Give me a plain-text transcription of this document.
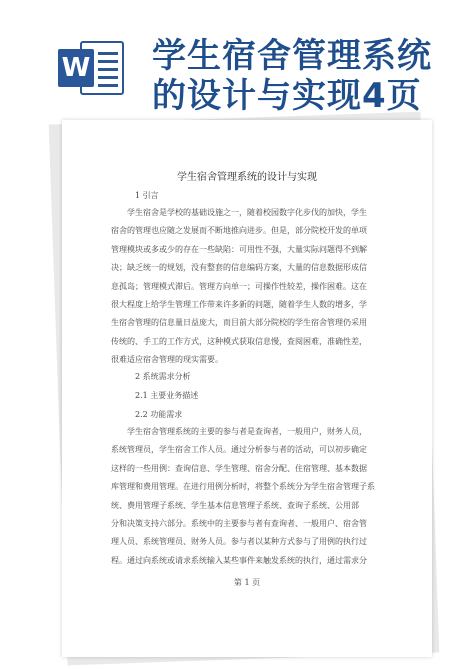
W 学生宿舍管理系统
的设计与实现4页
学生宿舍管理系统的设计与实现
1 引言
学生宿舍是学校的基础设施之一，随着校园数字化步伐的加快，学生
宿舍的管理也应随之发展而不断地推向进步。但是，部分院校开发的单项
管理模块或多或少的存在一些缺陷：可用性不强，大量实际问题得不到解
决；缺乏统一的规划，没有整套的信息编码方案，大量的信息数据形成信
息孤岛；管理模式滞后。管理方向单一；可操作性较差，操作困难。这在
很大程度上给学生管理工作带来许多新的问题，随着学生人数的增多，学
生宿舍管理的信息量日益庞大，而目前大部分院校的学生宿舍管理仍采用
传统的、手工的工作方式，这种模式获取信息慢，查阅困难，准确性差，
很难适应宿舍管理的现实需要。
2 系统需求分析
2.1 主要业务描述
2.2 功能需求
学生宿舍管理系统的主要的参与者是查询者，一般用户，财务人员，
系统管理员，学生宿舍工作人员。通过分析参与者的活动，可以初步确定
这样的一些用例：查询信息、学生管理、宿舍分配、住宿管理、基本数据
库管理和费用管理。在进行用例分析时，将整个系统分为学生宿舍管理子系
统、费用管理子系统、学生基本信息管理子系统、查询子系统、公用部
分和决策支持六部分。系统中的主要参与者有查询者、一般用户、宿舍管
理人员、系统管理员、财务人员。参与者以某种方式参与了用例的执行过
程。通过向系统或请求系统输入某些事件来触发系统的执行，通过需求分
第 1 页
